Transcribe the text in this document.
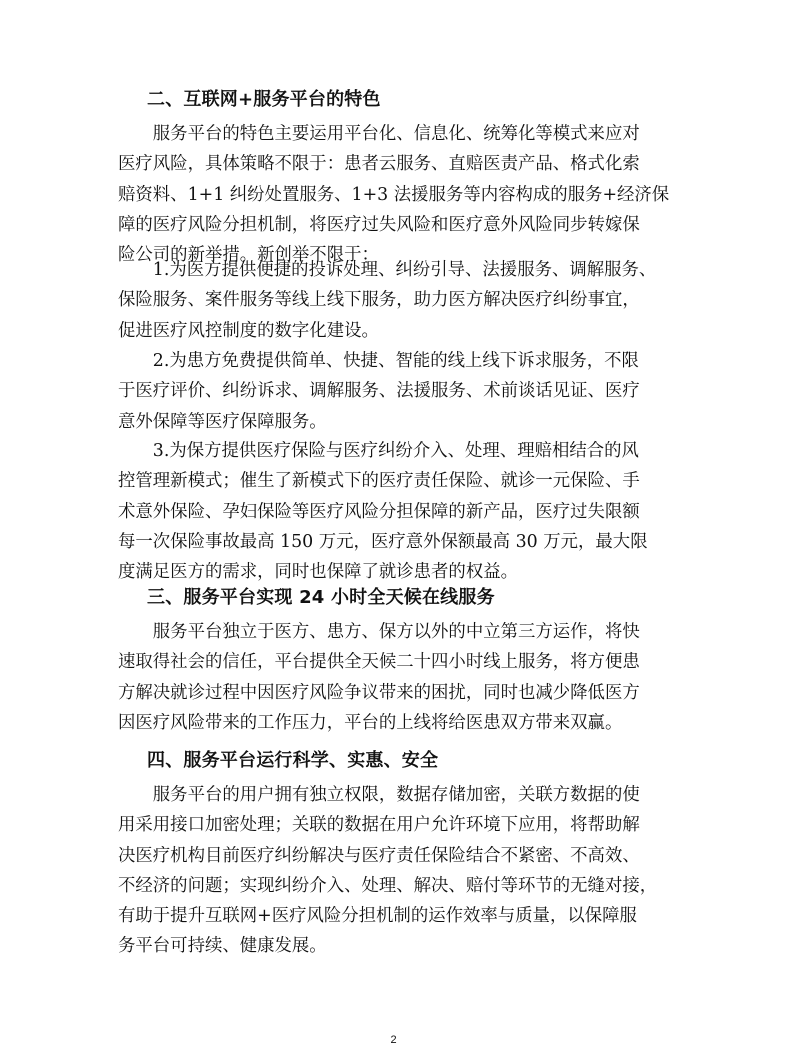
二、互联网+服务平台的特色

　　服务平台的特色主要运用平台化、信息化、统筹化等模式来应对
医疗风险，具体策略不限于：患者云服务、直赔医责产品、格式化索
赔资料、1+1 纠纷处置服务、1+3 法援服务等内容构成的服务+经济保
障的医疗风险分担机制，将医疗过失风险和医疗意外风险同步转嫁保
险公司的新举措。新创举不限于：

　　1.为医方提供便捷的投诉处理、纠纷引导、法援服务、调解服务、
保险服务、案件服务等线上线下服务，助力医方解决医疗纠纷事宜，
促进医疗风控制度的数字化建设。

　　2.为患方免费提供简单、快捷、智能的线上线下诉求服务，不限
于医疗评价、纠纷诉求、调解服务、法援服务、术前谈话见证、医疗
意外保障等医疗保障服务。

　　3.为保方提供医疗保险与医疗纠纷介入、处理、理赔相结合的风
控管理新模式；催生了新模式下的医疗责任保险、就诊一元保险、手
术意外保险、孕妇保险等医疗风险分担保障的新产品，医疗过失限额
每一次保险事故最高 150 万元，医疗意外保额最高 30 万元，最大限
度满足医方的需求，同时也保障了就诊患者的权益。

三、服务平台实现 24 小时全天候在线服务

　　服务平台独立于医方、患方、保方以外的中立第三方运作，将快
速取得社会的信任，平台提供全天候二十四小时线上服务，将方便患
方解决就诊过程中因医疗风险争议带来的困扰，同时也减少降低医方
因医疗风险带来的工作压力，平台的上线将给医患双方带来双赢。

四、服务平台运行科学、实惠、安全

　　服务平台的用户拥有独立权限，数据存储加密，关联方数据的使
用采用接口加密处理；关联的数据在用户允许环境下应用，将帮助解
决医疗机构目前医疗纠纷解决与医疗责任保险结合不紧密、不高效、
不经济的问题；实现纠纷介入、处理、解决、赔付等环节的无缝对接，
有助于提升互联网+医疗风险分担机制的运作效率与质量，以保障服
务平台可持续、健康发展。

2
